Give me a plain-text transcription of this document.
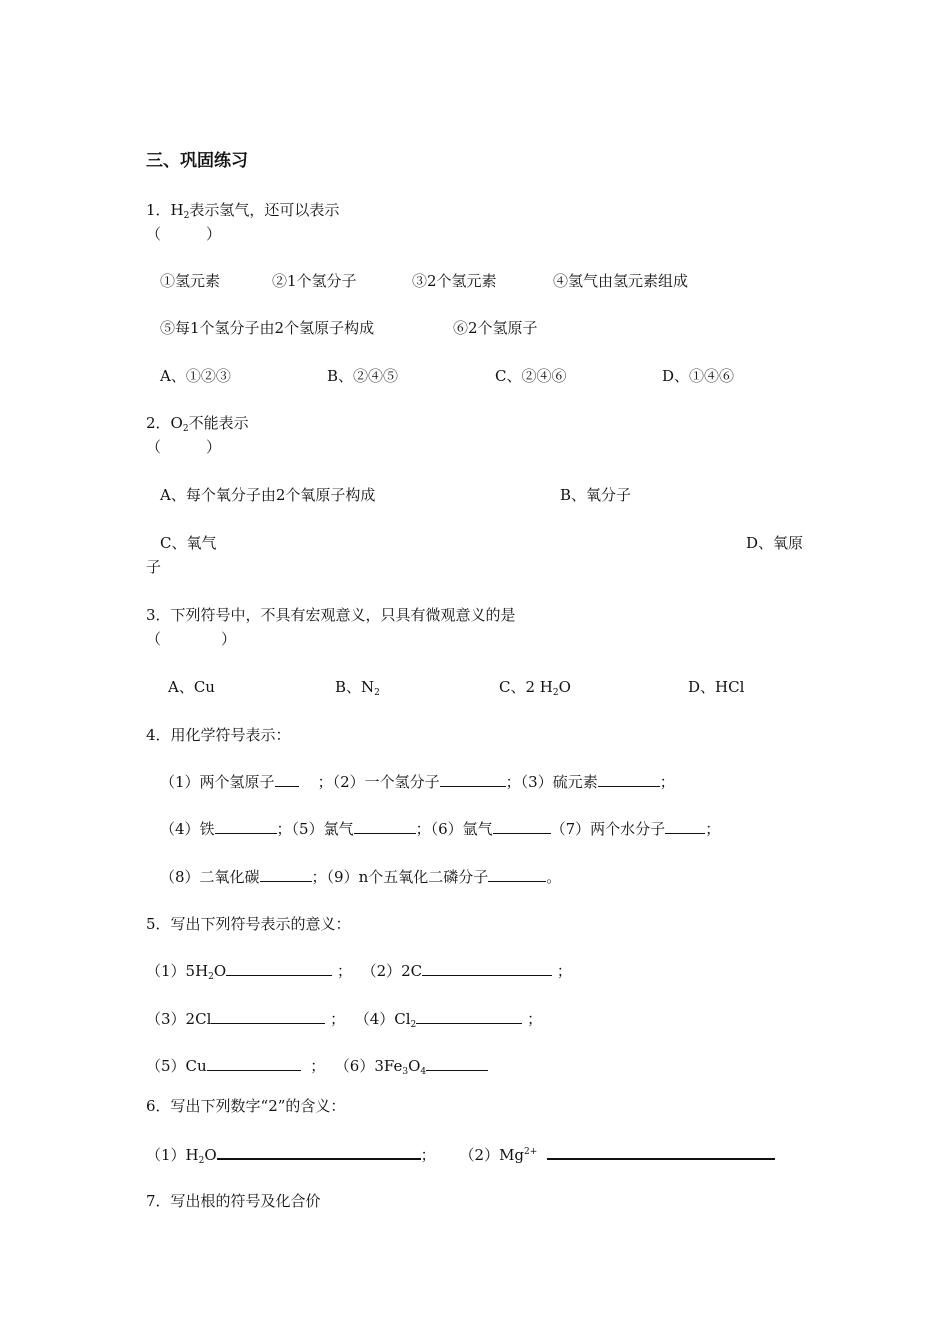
三、巩固练习
1．$H_2$表示氢气，还可以表示
（　　　）
①氢元素	②1个氢分子	③2个氢元素	④氢气由氢元素组成
⑤每1个氢分子由2个氢原子构成	⑥2个氢原子
A、①②③	B、②④⑤	C、②④⑥	D、①④⑥
2．$O_2$不能表示
（　　　）
A、每个氧分子由2个氧原子构成	B、氧分子
C、氧气	D、氧原
子
3．下列符号中，不具有宏观意义，只具有微观意义的是
（　　　　）
A、Cu	B、$N_2$	C、2 $H_2O$	D、HCl
4．用化学符号表示：
（1）两个氢原子	；（2）一个氢分子	；（3）硫元素	；
（4）铁	；（5）氯气	；（6）氩气	（7）两个水分子	；
（8）二氧化碳	；（9）n个五氧化二磷分子	。
5．写出下列符号表示的意义：
$(1)5H_2O$	； （2）2C	；
（3）2Cl	； $(4)Cl_2$	；
（5）Cu	； $(6)3Fe_3O_4$
6．写出下列数字“2”的含义：
$(1)H_2O$	； $(2)Mg^{2+}$
7．写出根的符号及化合价
